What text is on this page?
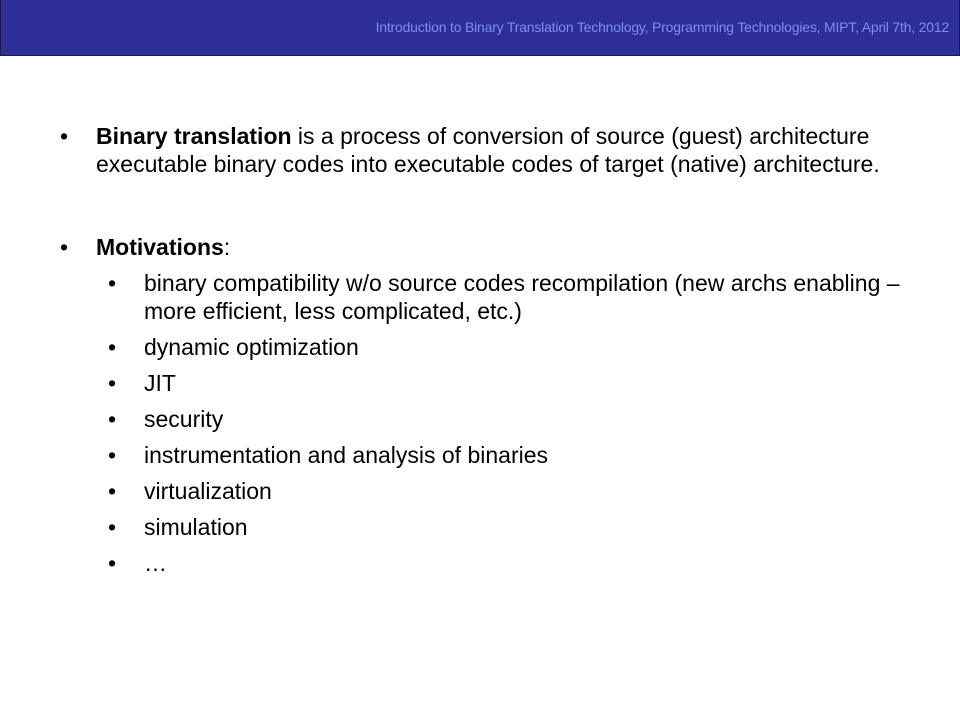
Introduction to Binary Translation Technology, Programming Technologies, MIPT, April 7th, 2012
• Binary translation is a process of conversion of source (guest) architecture executable binary codes into executable codes of target (native) architecture.
• Motivations:
• binary compatibility w/o source codes recompilation (new archs enabling – more efficient, less complicated, etc.)
• dynamic optimization
• JIT
• security
• instrumentation and analysis of binaries
• virtualization
• simulation
• …
